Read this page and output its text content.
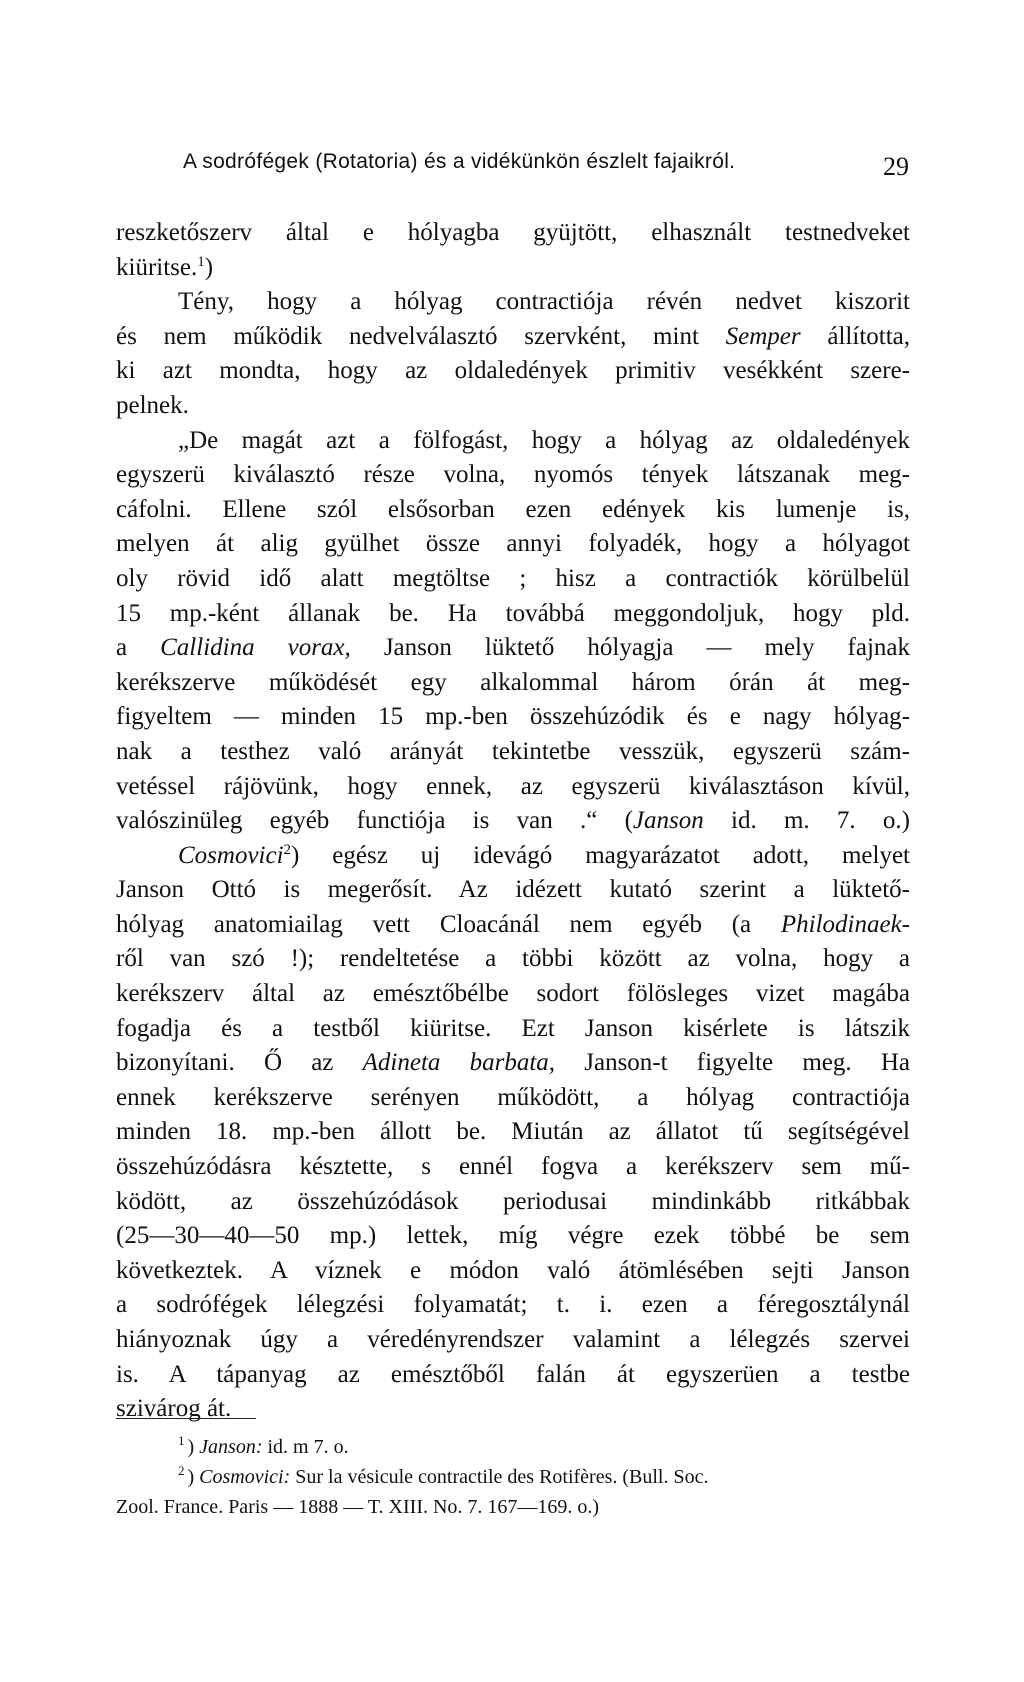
A sodrófégek (Rotatoria) és a vidékünkön észlelt fajaikról.	29
reszketőszerv által e hólyagba gyüjtött, elhasznált testnedveket
kiüritse.$^1$)
Tény, hogy a hólyag contractiója révén nedvet kiszorit
és nem működik nedvelválasztó szervként, mint Semper állította,
ki azt mondta, hogy az oldaledények primitiv vesékként szere-
pelnek.
„De magát azt a fölfogást, hogy a hólyag az oldaledények
egyszerü kiválasztó része volna, nyomós tények látszanak meg-
cáfolni. Ellene szól elsősorban ezen edények kis lumenje is,
melyen át alig gyülhet össze annyi folyadék, hogy a hólyagot
oly rövid idő alatt megtöltse ; hisz a contractiók körülbelül
15 mp.-ként állanak be. Ha továbbá meggondoljuk, hogy pld.
a Callidina vorax, Janson lüktető hólyagja — mely fajnak
kerékszerve működését egy alkalommal három órán át meg-
figyeltem — minden 15 mp.-ben összehúzódik és e nagy hólyag-
nak a testhez való arányát tekintetbe vesszük, egyszerü szám-
vetéssel rájövünk, hogy ennek, az egyszerü kiválasztáson kívül,
valószinüleg egyéb functiója is van .“ (Janson id. m. 7. o.)
Cosmovici$^2$) egész uj idevágó magyarázatot adott, melyet
Janson Ottó is megerősít. Az idézett kutató szerint a lüktető-
hólyag anatomiailag vett Cloacánál nem egyéb (a Philodinaek-
ről van szó !); rendeltetése a többi között az volna, hogy a
kerékszerv által az emésztőbélbe sodort fölösleges vizet magába
fogadja és a testből kiüritse. Ezt Janson kisérlete is látszik
bizonyítani. Ő az Adineta barbata, Janson-t figyelte meg. Ha
ennek kerékszerve serényen működött, a hólyag contractiója
minden 18. mp.-ben állott be. Miután az állatot tű segítségével
összehúzódásra késztette, s ennél fogva a kerékszerv sem mű-
ködött, az összehúzódások periodusai mindinkább ritkábbak
(25—30—40—50 mp.) lettek, míg végre ezek többé be sem
következtek. A víznek e módon való átömlésében sejti Janson
a sodrófégek lélegzési folyamatát; t. i. ezen a féregosztálynál
hiányoznak úgy a véredényrendszer valamint a lélegzés szervei
is. A tápanyag az emésztőből falán át egyszerüen a testbe
szivárog át.
$^1$ ) Janson: id. m 7. o.
$^2$ ) Cosmovici: Sur la vésicule contractile des Rotifères. (Bull. Soc.
Zool. France. Paris — 1888 — T. XIII. No. 7. 167—169. o.)
